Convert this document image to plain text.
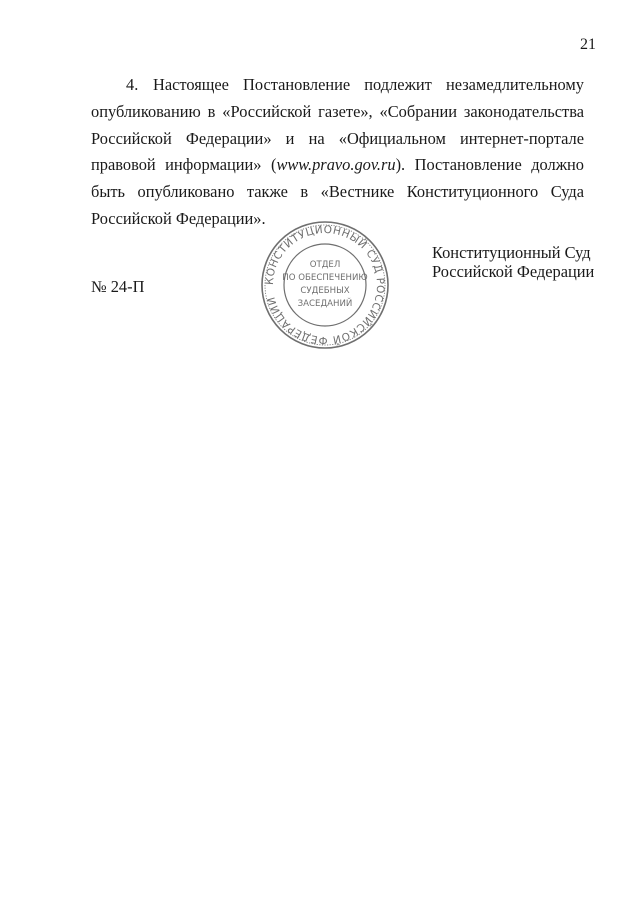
21

4. Настоящее Постановление подлежит незамедлительному опубликованию в «Российской газете», «Собрании законодательства Российской Федерации» и на «Официальном интернет-портале правовой информации» (www.pravo.gov.ru). Постановление должно быть опубликовано также в «Вестнике Конституционного Суда Российской Федерации».

КОНСТИТУЦИОННЫЙ СУД РОССИЙСКОЙ ФЕДЕРАЦИИ
ОТДЕЛ
ПО ОБЕСПЕЧЕНИЮ
СУДЕБНЫХ
ЗАСЕДАНИЙ
Конституционный Суд
Российской Федерации
№ 24-П
